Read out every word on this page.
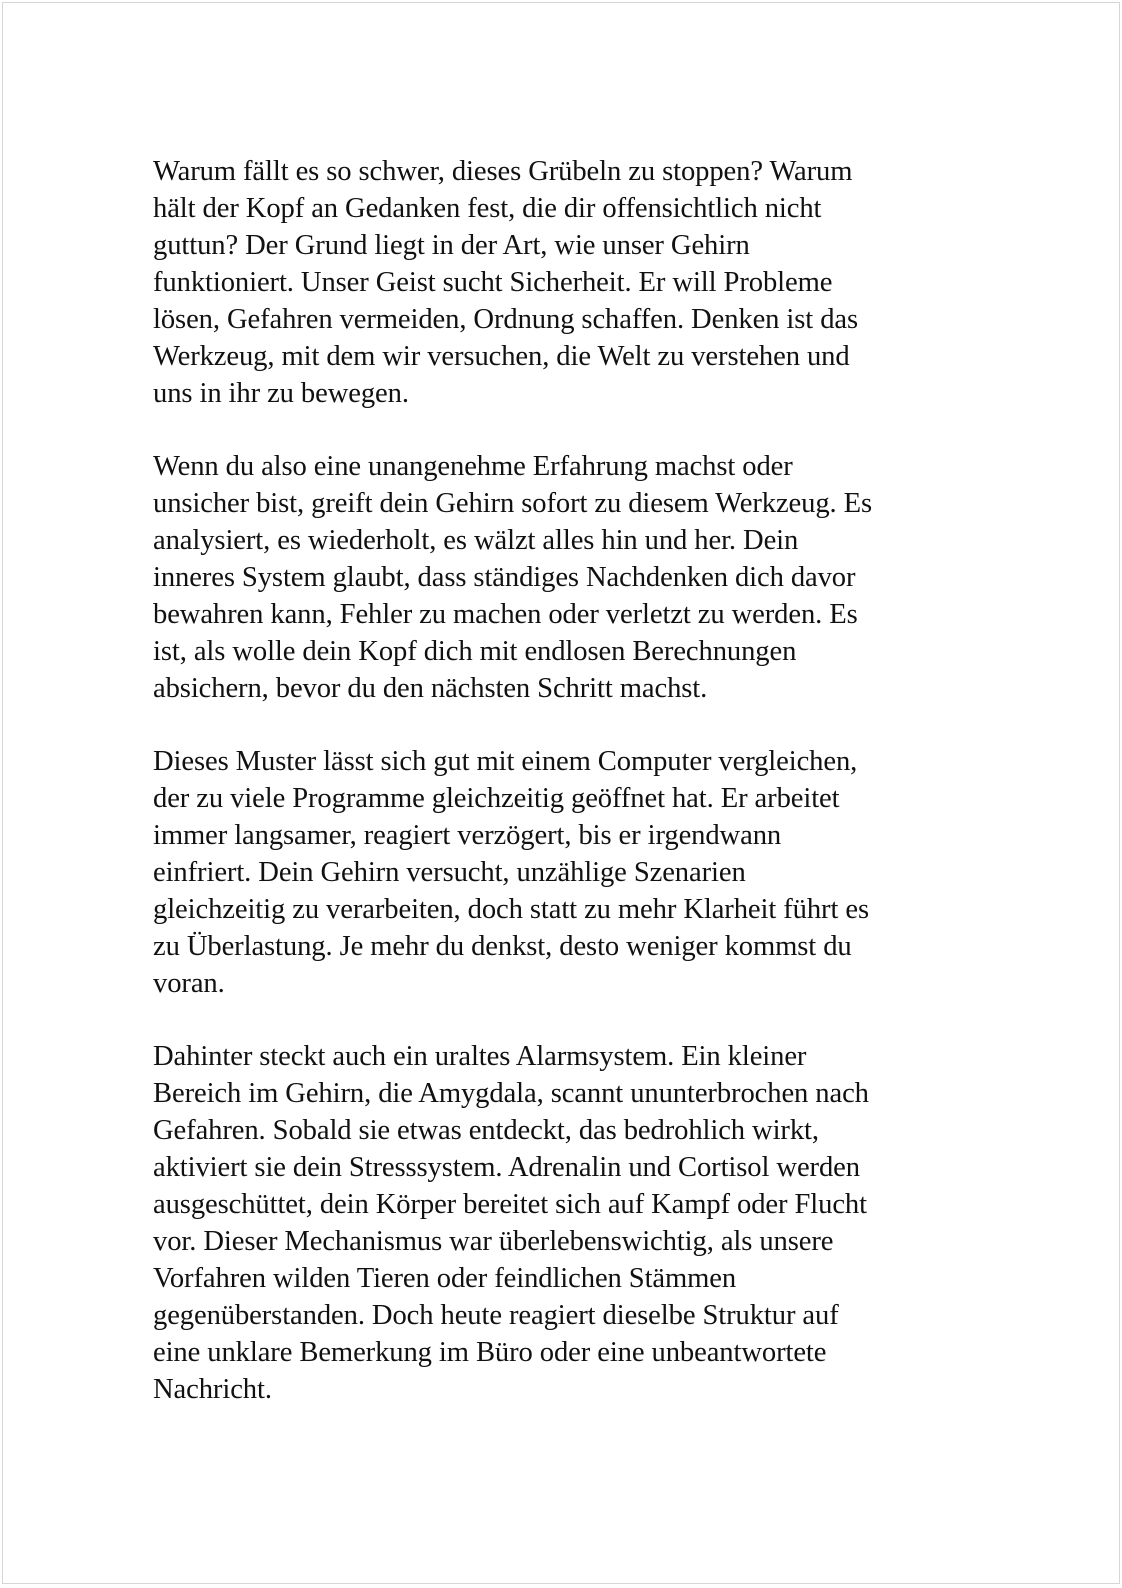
Warum fällt es so schwer, dieses Grübeln zu stoppen? Warum
hält der Kopf an Gedanken fest, die dir offensichtlich nicht
guttun? Der Grund liegt in der Art, wie unser Gehirn
funktioniert. Unser Geist sucht Sicherheit. Er will Probleme
lösen, Gefahren vermeiden, Ordnung schaffen. Denken ist das
Werkzeug, mit dem wir versuchen, die Welt zu verstehen und
uns in ihr zu bewegen.

Wenn du also eine unangenehme Erfahrung machst oder
unsicher bist, greift dein Gehirn sofort zu diesem Werkzeug. Es
analysiert, es wiederholt, es wälzt alles hin und her. Dein
inneres System glaubt, dass ständiges Nachdenken dich davor
bewahren kann, Fehler zu machen oder verletzt zu werden. Es
ist, als wolle dein Kopf dich mit endlosen Berechnungen
absichern, bevor du den nächsten Schritt machst.

Dieses Muster lässt sich gut mit einem Computer vergleichen,
der zu viele Programme gleichzeitig geöffnet hat. Er arbeitet
immer langsamer, reagiert verzögert, bis er irgendwann
einfriert. Dein Gehirn versucht, unzählige Szenarien
gleichzeitig zu verarbeiten, doch statt zu mehr Klarheit führt es
zu Überlastung. Je mehr du denkst, desto weniger kommst du
voran.

Dahinter steckt auch ein uraltes Alarmsystem. Ein kleiner
Bereich im Gehirn, die Amygdala, scannt ununterbrochen nach
Gefahren. Sobald sie etwas entdeckt, das bedrohlich wirkt,
aktiviert sie dein Stresssystem. Adrenalin und Cortisol werden
ausgeschüttet, dein Körper bereitet sich auf Kampf oder Flucht
vor. Dieser Mechanismus war überlebenswichtig, als unsere
Vorfahren wilden Tieren oder feindlichen Stämmen
gegenüberstanden. Doch heute reagiert dieselbe Struktur auf
eine unklare Bemerkung im Büro oder eine unbeantwortete
Nachricht.
